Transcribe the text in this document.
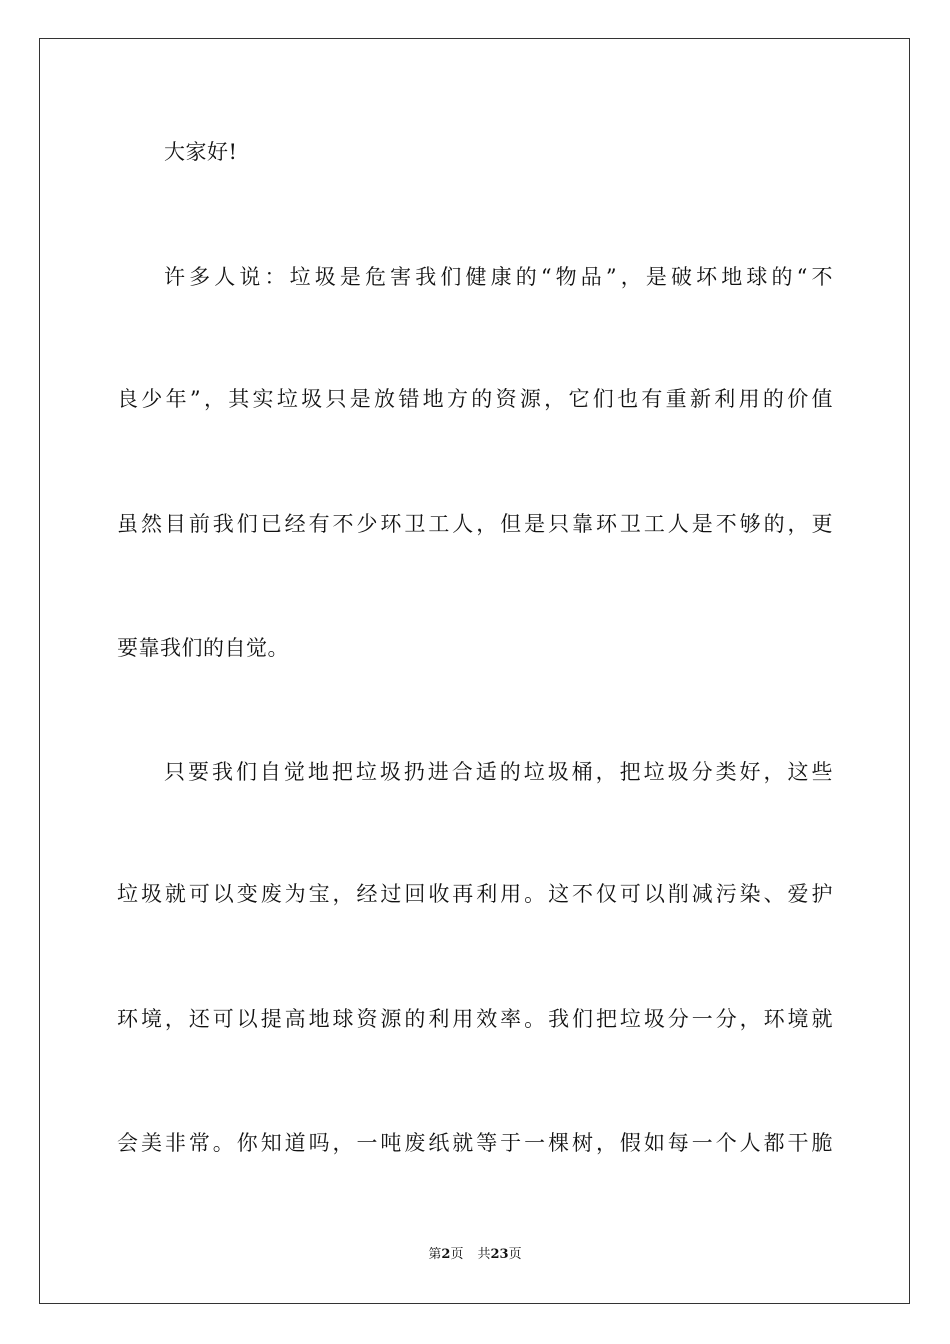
大家好!
许多人说：垃圾是危害我们健康的“物品”，是破坏地球的“不
良少年”，其实垃圾只是放错地方的资源，它们也有重新利用的价值
虽然目前我们已经有不少环卫工人，但是只靠环卫工人是不够的，更
要靠我们的自觉。
只要我们自觉地把垃圾扔进合适的垃圾桶，把垃圾分类好，这些
垃圾就可以变废为宝，经过回收再利用。这不仅可以削减污染、爱护
环境，还可以提高地球资源的利用效率。我们把垃圾分一分，环境就
会美非常。你知道吗，一吨废纸就等于一棵树，假如每一个人都干脆
第2页 共23页
